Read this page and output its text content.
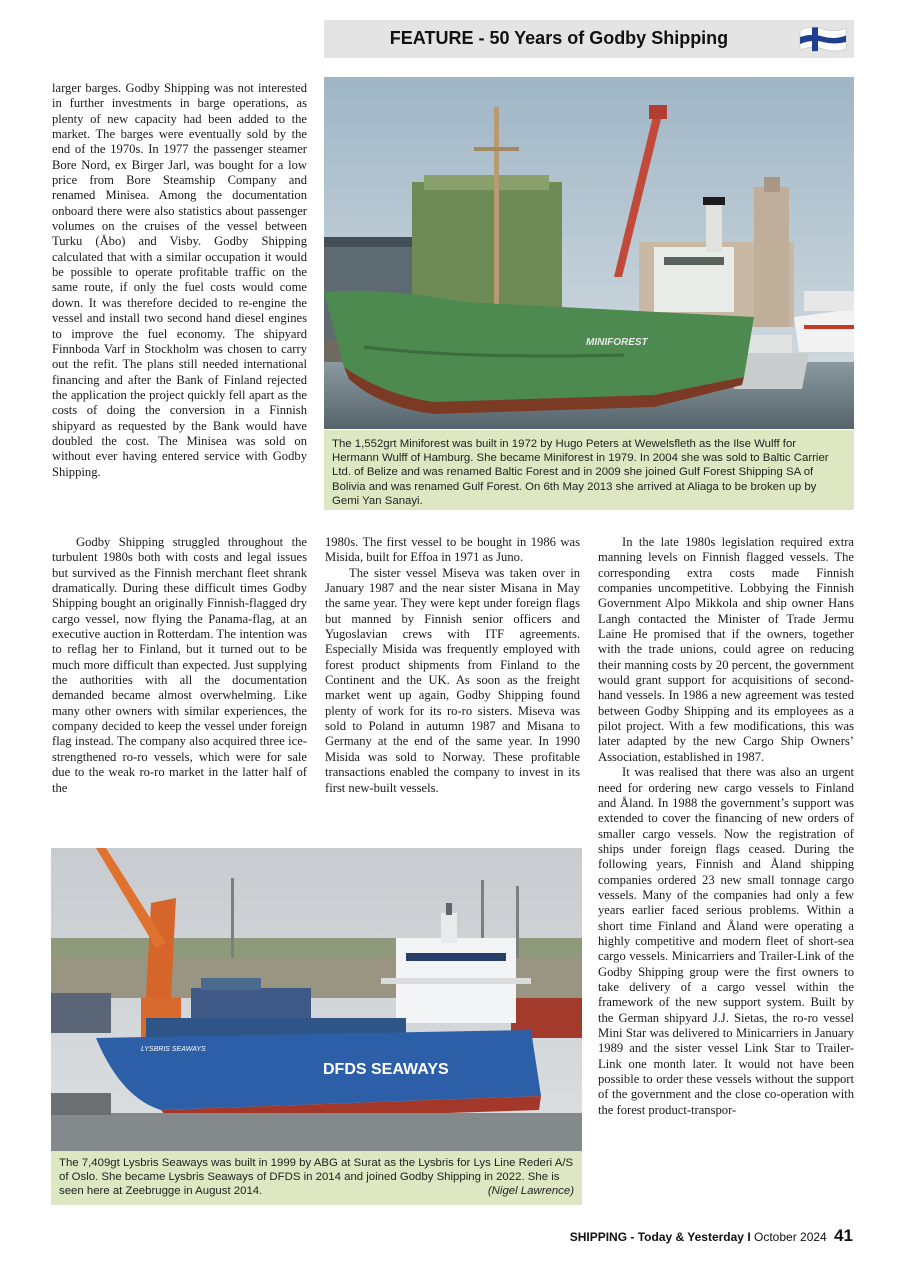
FEATURE - 50 Years of Godby Shipping

larger barges. Godby Shipping was not interested in further investments in barge operations, as plenty of new capacity had been added to the market. The barges were eventually sold by the end of the 1970s. In 1977 the passenger steamer Bore Nord, ex Birger Jarl, was bought for a low price from Bore Steamship Company and renamed Minisea. Among the documentation onboard there were also statistics about passenger volumes on the cruises of the vessel between Turku (Åbo) and Visby. Godby Shipping calculated that with a similar occupation it would be possible to operate profitable traffic on the same route, if only the fuel costs would come down. It was therefore decided to re-engine the vessel and install two second hand diesel engines to improve the fuel economy. The shipyard Finnboda Varf in Stockholm was chosen to carry out the refit. The plans still needed international financing and after the Bank of Finland rejected the application the project quickly fell apart as the costs of doing the conversion in a Finnish shipyard as requested by the Bank would have doubled the cost. The Minisea was sold on without ever having entered service with Godby Shipping.

MINIFOREST
The 1,552grt Miniforest was built in 1972 by Hugo Peters at Wewelsfleth as the Ilse Wulff for Hermann Wulff of Hamburg. She became Miniforest in 1979. In 2004 she was sold to Baltic Carrier Ltd. of Belize and was renamed Baltic Forest and in 2009 she joined Gulf Forest Shipping SA of Bolivia and was renamed Gulf Forest. On 6th May 2013 she arrived at Aliaga to be broken up by Gemi Yan Sanayi.

Godby Shipping struggled throughout the turbulent 1980s both with costs and legal issues but survived as the Finnish merchant fleet shrank dramatically. During these difficult times Godby Shipping bought an originally Finnish-flagged dry cargo vessel, now flying the Panama-flag, at an executive auction in Rotterdam. The intention was to reflag her to Finland, but it turned out to be much more difficult than expected. Just supplying the authorities with all the documentation demanded became almost overwhelming. Like many other owners with similar experiences, the company decided to keep the vessel under foreign flag instead. The company also acquired three ice-strengthened ro-ro vessels, which were for sale due to the weak ro-ro market in the latter half of the

1980s. The first vessel to be bought in 1986 was Misida, built for Effoa in 1971 as Juno.

The sister vessel Miseva was taken over in January 1987 and the near sister Misana in May the same year. They were kept under foreign flags but manned by Finnish senior officers and Yugoslavian crews with ITF agreements. Especially Misida was frequently employed with forest product shipments from Finland to the Continent and the UK. As soon as the freight market went up again, Godby Shipping found plenty of work for its ro-ro sisters. Miseva was sold to Poland in autumn 1987 and Misana to Germany at the end of the same year. In 1990 Misida was sold to Norway. These profitable transactions enabled the company to invest in its first new-built vessels.

In the late 1980s legislation required extra manning levels on Finnish flagged vessels. The corresponding extra costs made Finnish companies uncompetitive. Lobbying the Finnish Government Alpo Mikkola and ship owner Hans Langh contacted the Minister of Trade Jermu Laine He promised that if the owners, together with the trade unions, could agree on reducing their manning costs by 20 percent, the government would grant support for acquisitions of second-hand vessels. In 1986 a new agreement was tested between Godby Shipping and its employees as a pilot project. With a few modifications, this was later adapted by the new Cargo Ship Owners’ Association, established in 1987.

It was realised that there was also an urgent need for ordering new cargo vessels to Finland and Åland. In 1988 the government’s support was extended to cover the financing of new orders of smaller cargo vessels. Now the registration of ships under foreign flags ceased. During the following years, Finnish and Åland shipping companies ordered 23 new small tonnage cargo vessels. Many of the companies had only a few years earlier faced serious problems. Within a short time Finland and Åland were operating a highly competitive and modern fleet of short-sea cargo vessels. Minicarriers and Trailer-Link of the Godby Shipping group were the first owners to take delivery of a cargo vessel within the framework of the new support system. Built by the German shipyard J.J. Sietas, the ro-ro vessel Mini Star was delivered to Minicarriers in January 1989 and the sister vessel Link Star to Trailer-Link one month later. It would not have been possible to order these vessels without the support of the government and the close co-operation with the forest product-transpor-

LYSBRIS SEAWAYS
DFDS SEAWAYS
The 7,409gt Lysbris Seaways was built in 1999 by ABG at Surat as the Lysbris for Lys Line Rederi A/S of Oslo. She became Lysbris Seaways of DFDS in 2014 and joined Godby Shipping in 2022. She is seen here at Zeebrugge in August 2014.	(Nigel Lawrence)
SHIPPING - Today & Yesterday I October 2024 41
